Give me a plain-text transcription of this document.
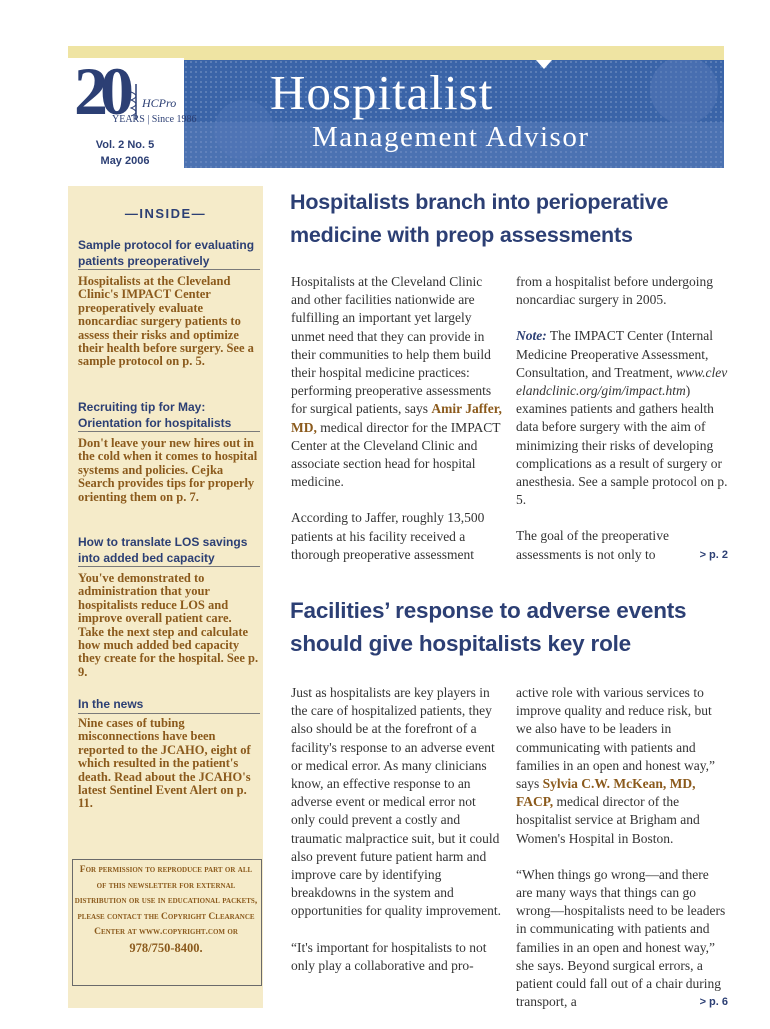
Hospitalist
Management Advisor
20 HCPro
YEARS | Since 1986
Vol. 2 No. 5
May 2006
—INSIDE—
Sample protocol for evaluating patients preoperatively
Hospitalists at the Cleveland Clinic's IMPACT Center preoperatively evaluate noncardiac surgery patients to assess their risks and optimize their health before surgery. See a sample protocol on p. 5.
Recruiting tip for May: Orientation for hospitalists
Don't leave your new hires out in the cold when it comes to hospital systems and policies. Cejka Search provides tips for properly orienting them on p. 7.
How to translate LOS savings into added bed capacity
You've demonstrated to administration that your hospitalists reduce LOS and improve overall patient care. Take the next step and calculate how much added bed capacity they create for the hospital. See p. 9.
In the news
Nine cases of tubing misconnections have been reported to the JCAHO, eight of which resulted in the patient's death. Read about the JCAHO's latest Sentinel Event Alert on p. 11.
For permission to reproduce part or all of this newsletter for external distribution or use in educational packets, please contact the Copyright Clearance Center at www.copyright.com or
978/750-8400.
Hospitalists branch into perioperative medicine with preop assessments

Hospitalists at the Cleveland Clinic and other facilities nationwide are fulfilling an important yet largely unmet need that they can provide in their communities to help them build their hospital medicine practices: performing preoperative assessments for surgical patients, says Amir Jaffer, MD, medical director for the IMPACT Center at the Cleveland Clinic and associate section head for hospital medicine.

According to Jaffer, roughly 13,500 patients at his facility received a thorough preoperative assessment

from a hospitalist before undergoing noncardiac surgery in 2005.

Note: The IMPACT Center (Internal Medicine Preoperative Assessment, Consultation, and Treatment, www.clevelandclinic.org/gim/impact.htm) examines patients and gathers health data before surgery with the aim of minimizing their risks of developing complications as a result of surgery or anesthesia. See a sample protocol on p. 5.

The goal of the preoperative assessments is not only to	> p. 2

Facilities’ response to adverse events should give hospitalists key role

Just as hospitalists are key players in the care of hospitalized patients, they also should be at the forefront of a facility's response to an adverse event or medical error. As many clinicians know, an effective response to an adverse event or medical error not only could prevent a costly and traumatic malpractice suit, but it could also prevent future patient harm and improve care by identifying breakdowns in the system and opportunities for quality improvement.

“It's important for hospitalists to not only play a collaborative and pro-

active role with various services to improve quality and reduce risk, but we also have to be leaders in communicating with patients and families in an open and honest way,” says Sylvia C.W. McKean, MD, FACP, medical director of the hospitalist service at Brigham and Women's Hospital in Boston.

“When things go wrong—and there are many ways that things can go wrong—hospitalists need to be leaders in communicating with patients and families in an open and honest way,” she says. Beyond surgical errors, a patient could fall out of a chair during transport, a	> p. 6
